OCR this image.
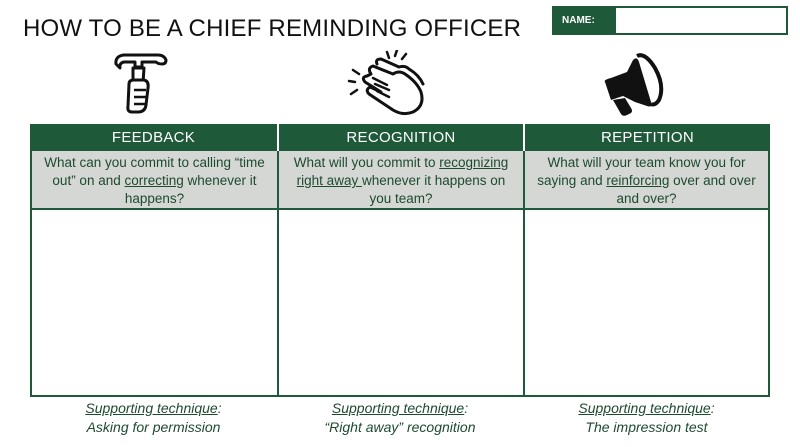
HOW TO BE A CHIEF REMINDING OFFICER	NAME:
FEEDBACK
What can you commit to calling “time out” on and correcting whenever it happens?
RECOGNITION
What will you commit to recognizing right away whenever it happens on you team?
REPETITION
What will your team know you for saying and reinforcing over and over and over?
Supporting technique:
Asking for permission
Supporting technique:
“Right away” recognition
Supporting technique:
The impression test
